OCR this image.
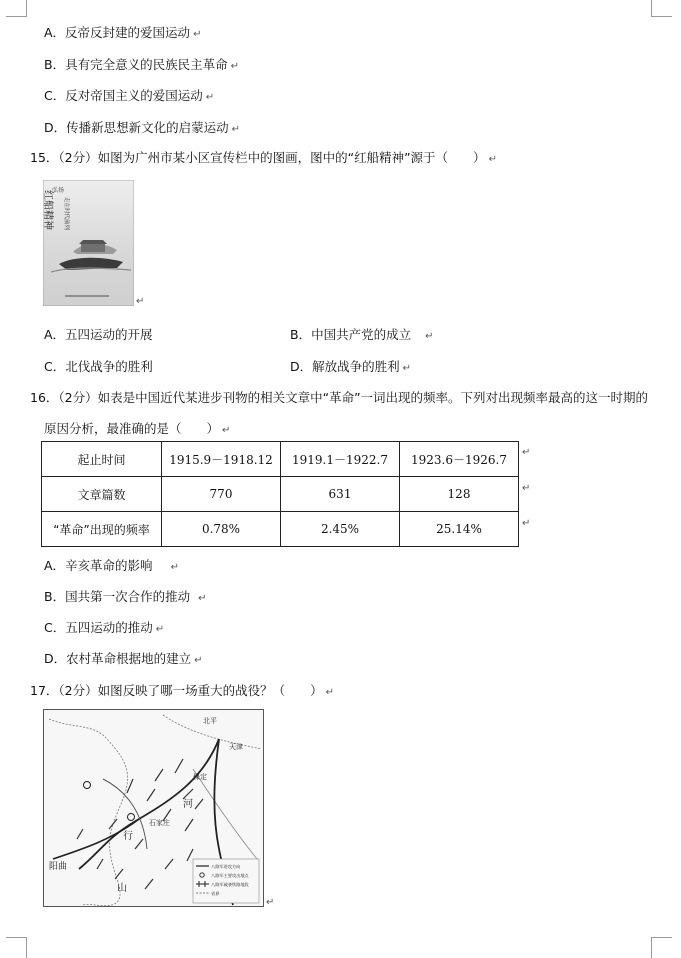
A．反帝反封建的爱国运动 ↵
B．具有完全意义的民族民主革命 ↵
C．反对帝国主义的爱国运动 ↵
D．传播新思想新文化的启蒙运动 ↵
15．（2分）如图为广州市某小区宣传栏中的图画，图中的“红船精神”源于（　　） ↵
弘扬
红船精神	走在时代前列
↵
A．五四运动的开展	B．中国共产党的成立 ↵
C．北伐战争的胜利	D．解放战争的胜利 ↵
16．（2分）如表是中国近代某进步刊物的相关文章中“革命”一词出现的频率。下列对出现频率最高的这一时期的
原因分析，最准确的是（　　） ↵
起止时间	1915.9－1918.12	1919.1－1922.7	1923.6－1926.7
文章篇数	770	631	128
“革命”出现的频率	0.78%	2.45%	25.14%
↵
↵
↵
A．辛亥革命的影响 ↵
B．国共第一次合作的推动 ↵
C．五四运动的推动 ↵
D．农村革命根据地的建立 ↵
17．（2分）如图反映了哪一场重大的战役？（　　） ↵
天津
北平
阳曲
石家庄
保定
河
行
山
八路军进攻方向
八路军主要攻击地点
八路军破袭铁路地段
省界
↵
